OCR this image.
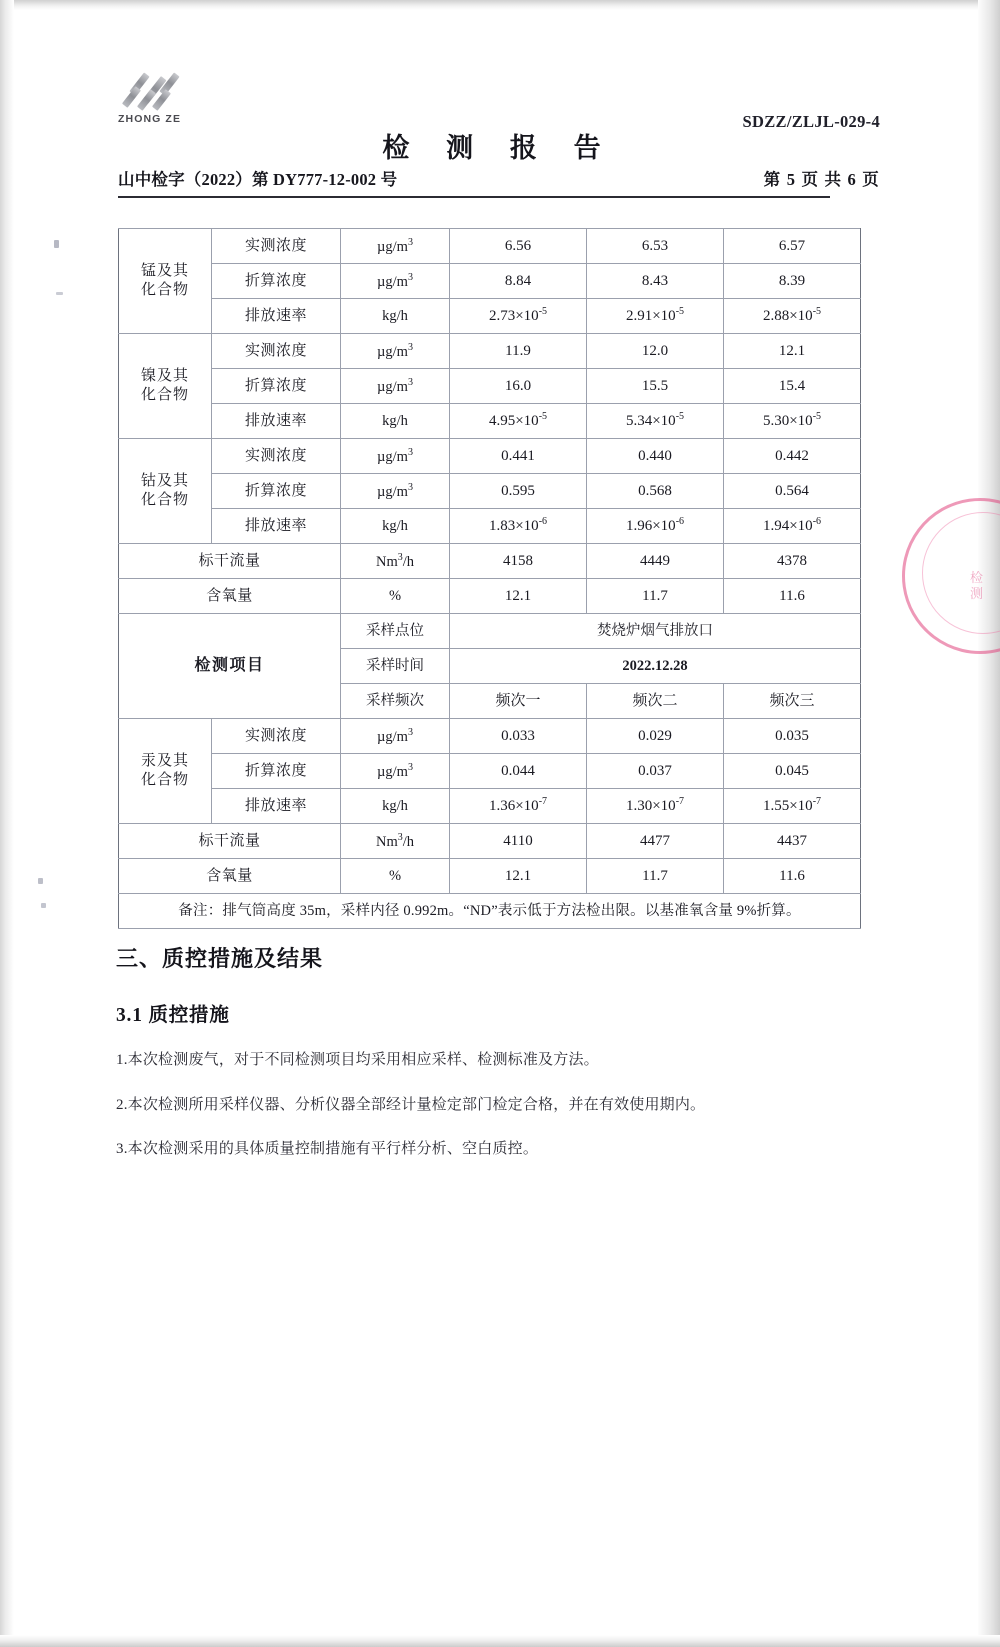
检 测
ZHONG ZE	SDZZ/ZLJL-029-4
检 测 报 告
山中检字（2022）第 DY777-12-002 号	第 5 页 共 6 页
锰及其
化合物	实测浓度	$\mu g/m^3$	6.56	6.53	6.57
	折算浓度	$\mu g/m^3$	8.84	8.43	8.39
	排放速率	kg/h	$2.73\times 10^{-5}$	$2.91\times 10^{-5}$	$2.88\times 10^{-5}$
镍及其
化合物	实测浓度	$\mu g/m^3$	11.9	12.0	12.1
	折算浓度	$\mu g/m^3$	16.0	15.5	15.4
	排放速率	kg/h	$4.95\times 10^{-5}$	$5.34\times 10^{-5}$	$5.30\times 10^{-5}$
钴及其
化合物	实测浓度	$\mu g/m^3$	0.441	0.440	0.442
	折算浓度	$\mu g/m^3$	0.595	0.568	0.564
	排放速率	kg/h	$1.83\times 10^{-6}$	$1.96\times 10^{-6}$	$1.94\times 10^{-6}$
标干流量		Nm$^3$/h	4158	4449	4378
含氧量		%	12.1	11.7	11.6
检测项目		采样点位	焚烧炉烟气排放口		
		采样时间	2022.12.28		
		采样频次	频次一	频次二	频次三
汞及其
化合物	实测浓度	$\mu g/m^3$	0.033	0.029	0.035
	折算浓度	$\mu g/m^3$	0.044	0.037	0.045
	排放速率	kg/h	$1.36\times 10^{-7}$	$1.30\times 10^{-7}$	$1.55\times 10^{-7}$
标干流量		Nm$^3$/h	4110	4477	4437
含氧量		%	12.1	11.7	11.6
备注：排气筒高度 35m，采样内径 0.992m。“ND”表示低于方法检出限。以基准氧含量 9%折算。					
三、质控措施及结果
3.1 质控措施

1.本次检测废气，对于不同检测项目均采用相应采样、检测标准及方法。

2.本次检测所用采样仪器、分析仪器全部经计量检定部门检定合格，并在有效使用期内。

3.本次检测采用的具体质量控制措施有平行样分析、空白质控。
